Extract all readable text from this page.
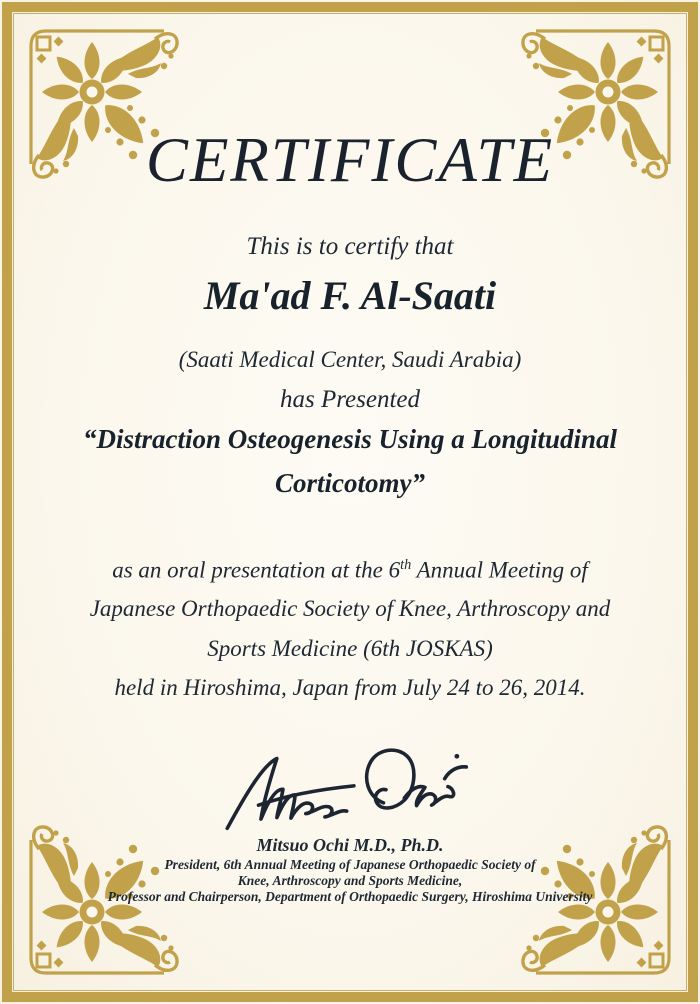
CERTIFICATE
This is to certify that
Ma'ad F. Al-Saati
(Saati Medical Center, Saudi Arabia)
has Presented
“Distraction Osteogenesis Using a Longitudinal
Corticotomy”
as an oral presentation at the 6th Annual Meeting of
Japanese Orthopaedic Society of Knee, Arthroscopy and
Sports Medicine (6th JOSKAS)
held in Hiroshima, Japan from July 24 to 26, 2014.
Mitsuo Ochi M.D., Ph.D.
President, 6th Annual Meeting of Japanese Orthopaedic Society of
Knee, Arthroscopy and Sports Medicine,
Professor and Chairperson, Department of Orthopaedic Surgery, Hiroshima University
